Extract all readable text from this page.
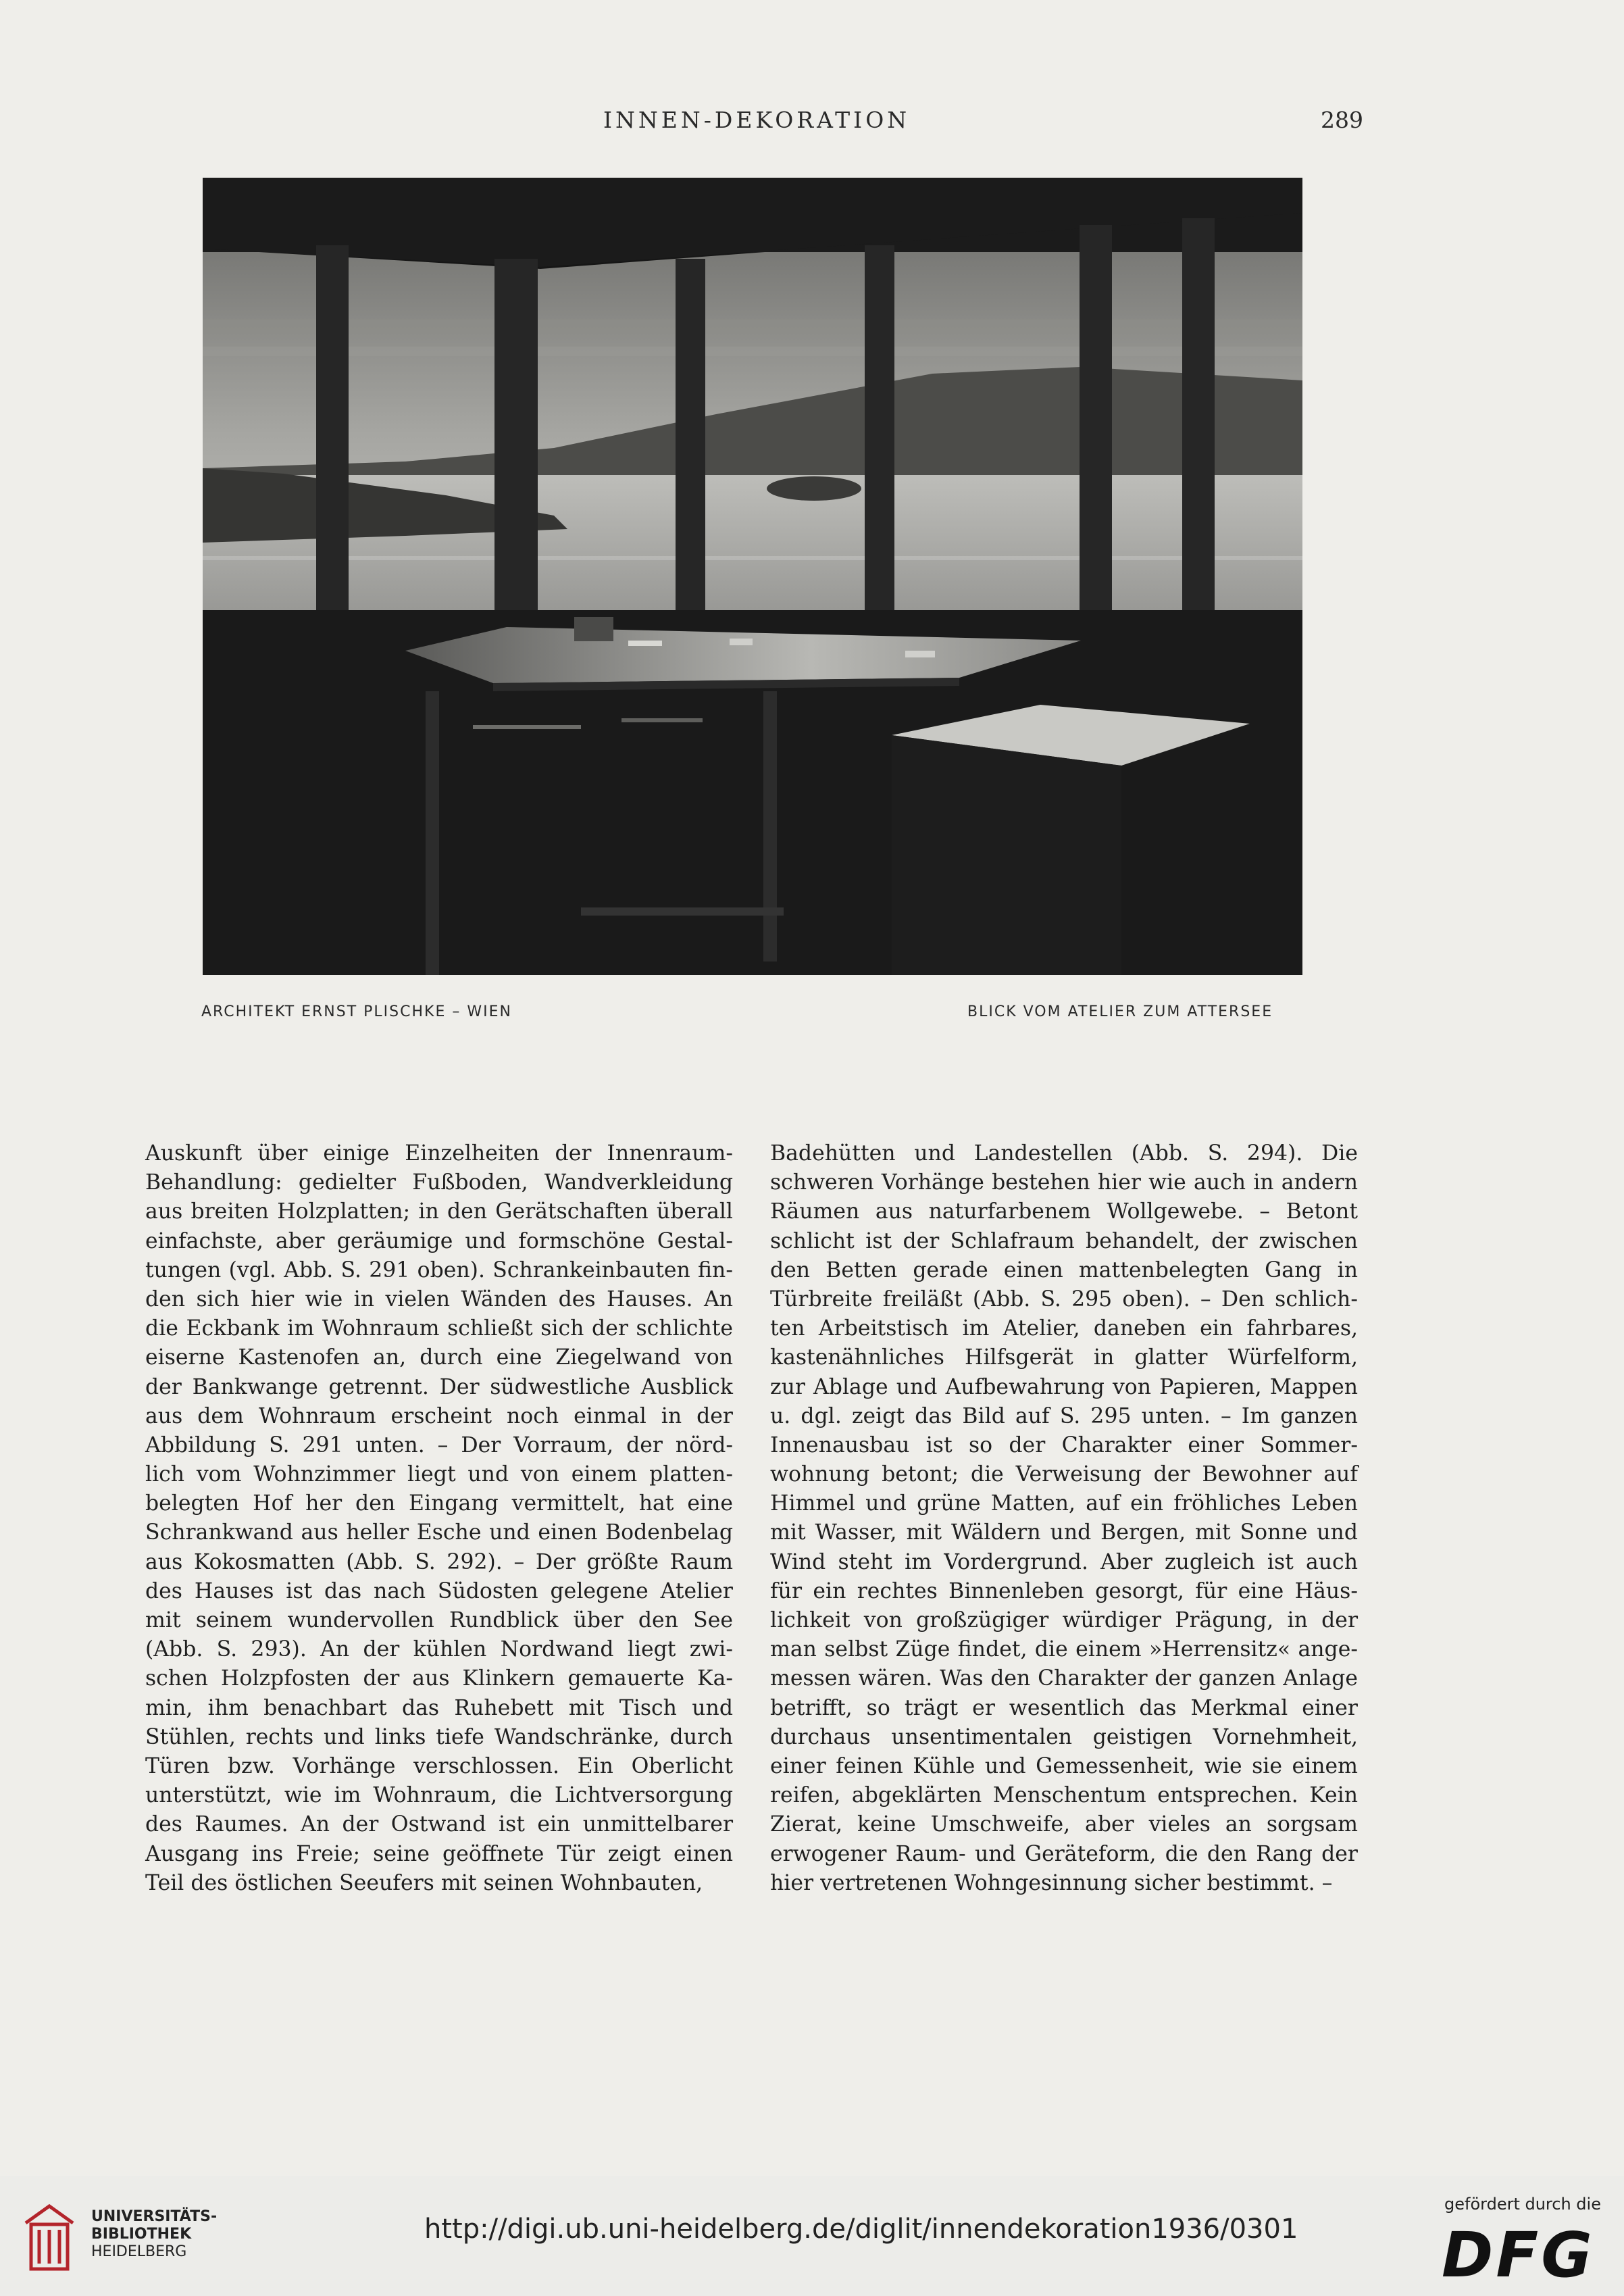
INNEN-DEKORATION	289
ARCHITEKT ERNST PLISCHKE – WIEN	BLICK VOM ATELIER ZUM ATTERSEE
Auskunft über einige Einzelheiten der Innenraum-
Behandlung: gedielter Fußboden, Wandverkleidung
aus breiten Holzplatten; in den Gerätschaften überall
einfachste, aber geräumige und formschöne Gestal-
tungen (vgl. Abb. S. 291 oben). Schrankeinbauten fin-
den sich hier wie in vielen Wänden des Hauses. An
die Eckbank im Wohnraum schließt sich der schlichte
eiserne Kastenofen an, durch eine Ziegelwand von
der Bankwange getrennt. Der südwestliche Ausblick
aus dem Wohnraum erscheint noch einmal in der
Abbildung S. 291 unten. – Der Vorraum, der nörd-
lich vom Wohnzimmer liegt und von einem platten-
belegten Hof her den Eingang vermittelt, hat eine
Schrankwand aus heller Esche und einen Bodenbelag
aus Kokosmatten (Abb. S. 292). – Der größte Raum
des Hauses ist das nach Südosten gelegene Atelier
mit seinem wundervollen Rundblick über den See
(Abb. S. 293). An der kühlen Nordwand liegt zwi-
schen Holzpfosten der aus Klinkern gemauerte Ka-
min, ihm benachbart das Ruhebett mit Tisch und
Stühlen, rechts und links tiefe Wandschränke, durch
Türen bzw. Vorhänge verschlossen. Ein Oberlicht
unterstützt, wie im Wohnraum, die Lichtversorgung
des Raumes. An der Ostwand ist ein unmittelbarer
Ausgang ins Freie; seine geöffnete Tür zeigt einen
Teil des östlichen Seeufers mit seinen Wohnbauten,
Badehütten und Landestellen (Abb. S. 294). Die
schweren Vorhänge bestehen hier wie auch in andern
Räumen aus naturfarbenem Wollgewebe. – Betont
schlicht ist der Schlafraum behandelt, der zwischen
den Betten gerade einen mattenbelegten Gang in
Türbreite freiläßt (Abb. S. 295 oben). – Den schlich-
ten Arbeitstisch im Atelier, daneben ein fahrbares,
kastenähnliches Hilfsgerät in glatter Würfelform,
zur Ablage und Aufbewahrung von Papieren, Mappen
u. dgl. zeigt das Bild auf S. 295 unten. – Im ganzen
Innenausbau ist so der Charakter einer Sommer-
wohnung betont; die Verweisung der Bewohner auf
Himmel und grüne Matten, auf ein fröhliches Leben
mit Wasser, mit Wäldern und Bergen, mit Sonne und
Wind steht im Vordergrund. Aber zugleich ist auch
für ein rechtes Binnenleben gesorgt, für eine Häus-
lichkeit von großzügiger würdiger Prägung, in der
man selbst Züge findet, die einem »Herrensitz« ange-
messen wären. Was den Charakter der ganzen Anlage
betrifft, so trägt er wesentlich das Merkmal einer
durchaus unsentimentalen geistigen Vornehmheit,
einer feinen Kühle und Gemessenheit, wie sie einem
reifen, abgeklärten Menschentum entsprechen. Kein
Zierat, keine Umschweife, aber vieles an sorgsam
erwogener Raum- und Geräteform, die den Rang der
hier vertretenen Wohngesinnung sicher bestimmt. –
UNIVERSITÄTS-
BIBLIOTHEK
HEIDELBERG
http://digi.ub.uni-heidelberg.de/diglit/innendekoration1936/0301
gefördert durch die
DFG
